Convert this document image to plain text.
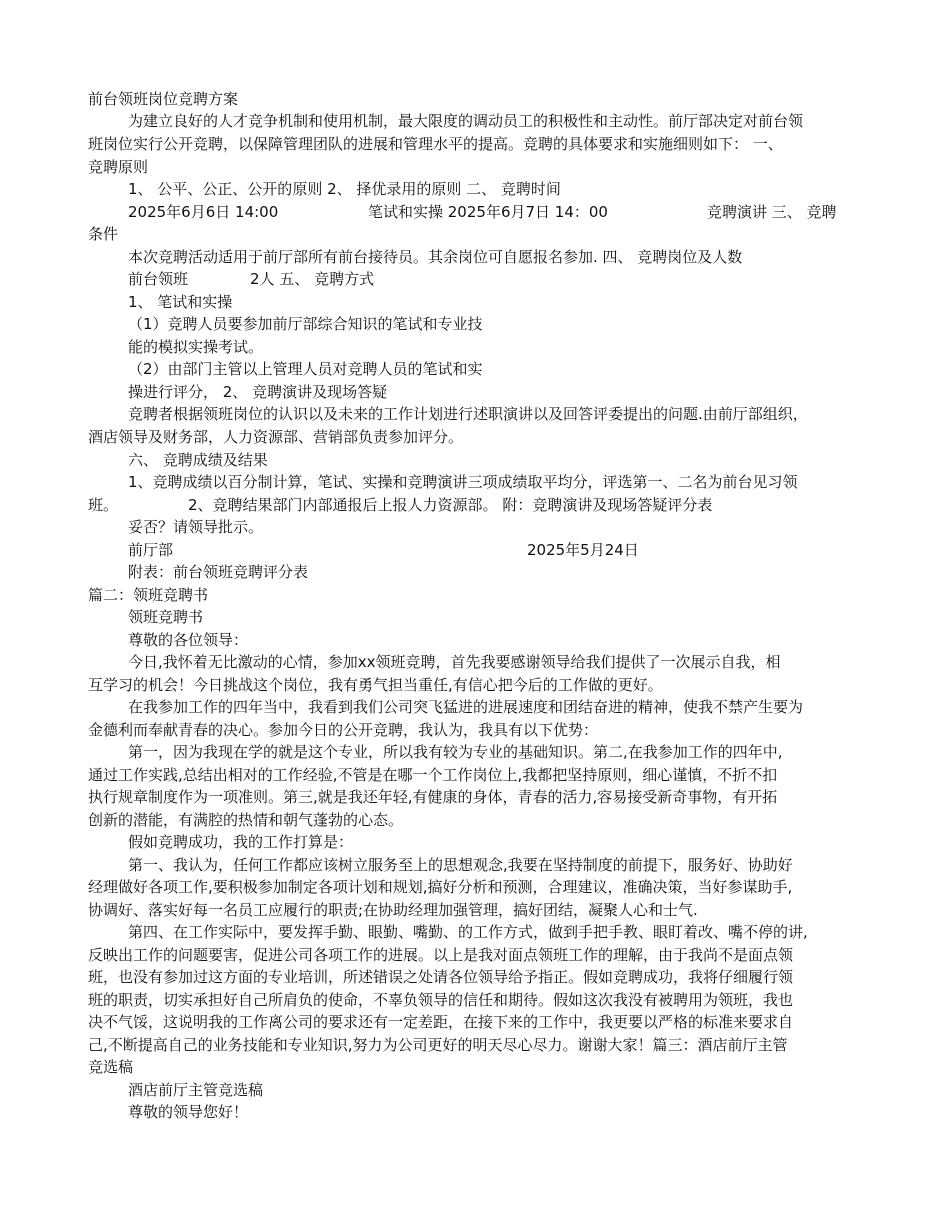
前台领班岗位竞聘方案
为建立良好的人才竞争机制和使用机制，最大限度的调动员工的积极性和主动性。前厅部决定对前台领
班岗位实行公开竞聘，以保障管理团队的进展和管理水平的提高。竞聘的具体要求和实施细则如下： 一、
竞聘原则
1、 公平、公正、公开的原则 2、 择优录用的原则 二、 竞聘时间
2025年6月6日 14:00	笔试和实操 2025年6月7日 14：00	竞聘演讲 三、 竞聘
条件
本次竞聘活动适用于前厅部所有前台接待员。其余岗位可自愿报名参加. 四、 竞聘岗位及人数
前台领班	2人 五、 竞聘方式
1、 笔试和实操
（1）竞聘人员要参加前厅部综合知识的笔试和专业技
能的模拟实操考试。
（2）由部门主管以上管理人员对竞聘人员的笔试和实
操进行评分， 2、 竞聘演讲及现场答疑
竞聘者根据领班岗位的认识以及未来的工作计划进行述职演讲以及回答评委提出的问题.由前厅部组织，
酒店领导及财务部，人力资源部、营销部负责参加评分。
六、 竞聘成绩及结果
1、竞聘成绩以百分制计算，笔试、实操和竞聘演讲三项成绩取平均分，评选第一、二名为前台见习领
班。	2、竞聘结果部门内部通报后上报人力资源部。 附：竞聘演讲及现场答疑评分表
妥否？请领导批示。
前厅部	2025年5月24日
附表：前台领班竞聘评分表
篇二：领班竞聘书
领班竞聘书
尊敬的各位领导：
今日,我怀着无比激动的心情，参加xx领班竞聘，首先我要感谢领导给我们提供了一次展示自我，相
互学习的机会！今日挑战这个岗位，我有勇气担当重任,有信心把今后的工作做的更好。
在我参加工作的四年当中，我看到我们公司突飞猛进的进展速度和团结奋进的精神，使我不禁产生要为
金德利而奉献青春的决心。参加今日的公开竞聘，我认为，我具有以下优势：
第一，因为我现在学的就是这个专业，所以我有较为专业的基础知识。第二,在我参加工作的四年中,
通过工作实践,总结出相对的工作经验,不管是在哪一个工作岗位上,我都把坚持原则，细心谨慎，不折不扣
执行规章制度作为一项准则。第三,就是我还年轻,有健康的身体，青春的活力,容易接受新奇事物，有开拓
创新的潜能，有满腔的热情和朝气蓬勃的心态。
假如竞聘成功，我的工作打算是：
第一、我认为，任何工作都应该树立服务至上的思想观念,我要在坚持制度的前提下，服务好、协助好
经理做好各项工作,要积极参加制定各项计划和规划,搞好分析和预测，合理建议，准确决策，当好参谋助手,
协调好、落实好每一名员工应履行的职责;在协助经理加强管理，搞好团结，凝聚人心和士气.
第四、在工作实际中，要发挥手勤、眼勤、嘴勤、的工作方式，做到手把手教、眼盯着改、嘴不停的讲,
反映出工作的问题要害，促进公司各项工作的进展。以上是我对面点领班工作的理解，由于我尚不是面点领
班，也没有参加过这方面的专业培训，所述错误之处请各位领导给予指正。假如竞聘成功，我将仔细履行领
班的职责，切实承担好自己所肩负的使命，不辜负领导的信任和期待。假如这次我没有被聘用为领班，我也
决不气馁，这说明我的工作离公司的要求还有一定差距，在接下来的工作中，我更要以严格的标准来要求自
己,不断提高自己的业务技能和专业知识,努力为公司更好的明天尽心尽力。谢谢大家！篇三：酒店前厅主管
竞选稿
酒店前厅主管竞选稿
尊敬的领导您好！
